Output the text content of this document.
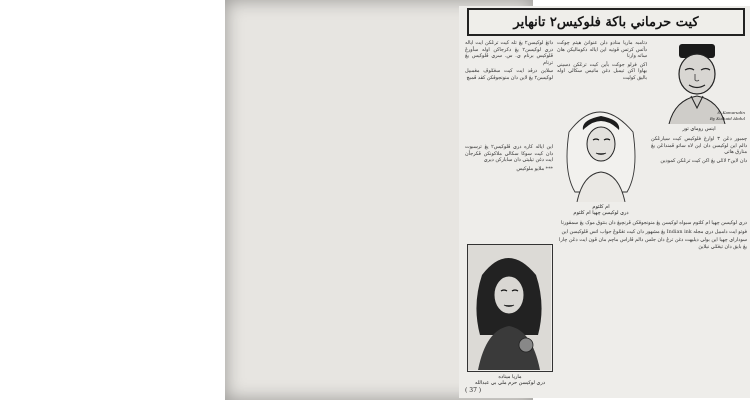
كيت حرماني باكة فلوكيس٢ تانهاير

دتامبه ماريا منادو دلن عنوانڽ هيتم چوكت دأتس كرتس ڤوتيه اين اياله دكوماليكن هاڽ ساته وارنا

اكن فرلو جوكت بأين كيت ترڠكن دسيني بهاوا اكن تيمبل دغن مانيس سكالي اوله باليق كوليت

S. Kamarudin
By Kulhaid Abdul
اينس روماي تور

داتڠ لوكيسن٢ يڠ تله كيت ترڠكن ايت اياله دري لوكيسن٢ يڠ دكرجاكن اوله سأورڠ ڤلوكيس برنام ي. س. سري ڤلوكيس يڠ ترنام

سلاين درڤد ايت كيت سڠݢوڤ مڠمبيل لوكيسن٢ يڠ لاين دان منونجوقكن كڤد ڤمبچ

ام كلثوم
دري لوكيسن چهيا ام كلثوم

چمبور دڠن ٣ اوارغ فلوكيس كيت سيارڠكن دالم اين لوكيسن دان اين لاه ساتو ڤمنداڠن يڠ منارق هاتي

دان لاين٢ لاݢي يڠ اكن كيت ترڠكن كمودين

اين اياله كاره دري ڤلوكيس٢ يڠ ترسبوت دان كيت سوكا سكالي ملاكونكن ڤكرجأن ايت دغن تيليتي دان ساباركن ديري

*** ملايو ملوكيس

ماريا ميناده
دري لوكيسن حرم ملي بي عبدالله

دري لوكيسن چهيا ام كلثوم سبواه لوكيسن يڠ منونجوقكن ڤرنچيڠ دان بنتوق موک يڠ سمڤورنا

فوتو ايت دامبيل دري مجله Indian ink يڠ مشهور دان كيت تڠݢوڠ جواب اتس ڤلوكيسن اين

سوداراي چهيا اين بولي ديليهت دغن ترڠ دان جلس دالم ڤاراس ماچم مان ڤون ايت دڠن چارا يڠ بايق دان تيڠݢي نيلايڽ

( 37 )
